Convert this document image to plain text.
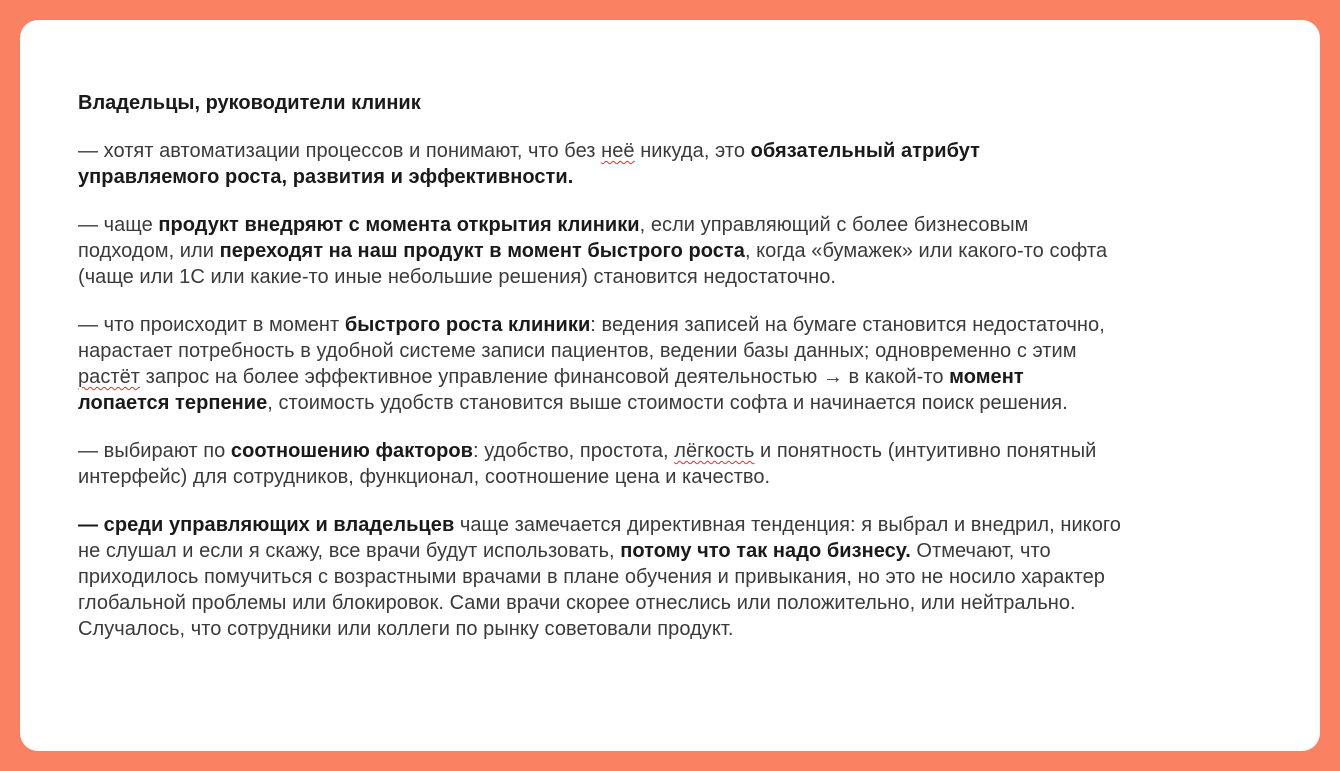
Владельцы, руководители клиник

— хотят автоматизации процессов и понимают, что без неё никуда, это обязательный атрибут управляемого роста, развития и эффективности.

— чаще продукт внедряют с момента открытия клиники, если управляющий с более бизнесовым подходом, или переходят на наш продукт в момент быстрого роста, когда «бумажек» или какого-то софта (чаще или 1С или какие-то иные небольшие решения) становится недостаточно.

— что происходит в момент быстрого роста клиники: ведения записей на бумаге становится недостаточно, нарастает потребность в удобной системе записи пациентов, ведении базы данных; одновременно с этим растёт запрос на более эффективное управление финансовой деятельностью → в какой-то момент лопается терпение, стоимость удобств становится выше стоимости софта и начинается поиск решения.

— выбирают по соотношению факторов: удобство, простота, лёгкость и понятность (интуитивно понятный интерфейс) для сотрудников, функционал, соотношение цена и качество.

— среди управляющих и владельцев чаще замечается директивная тенденция: я выбрал и внедрил, никого не слушал и если я скажу, все врачи будут использовать, потому что так надо бизнесу. Отмечают, что приходилось помучиться с возрастными врачами в плане обучения и привыкания, но это не носило характер глобальной проблемы или блокировок. Сами врачи скорее отнеслись или положительно, или нейтрально. Случалось, что сотрудники или коллеги по рынку советовали продукт.
